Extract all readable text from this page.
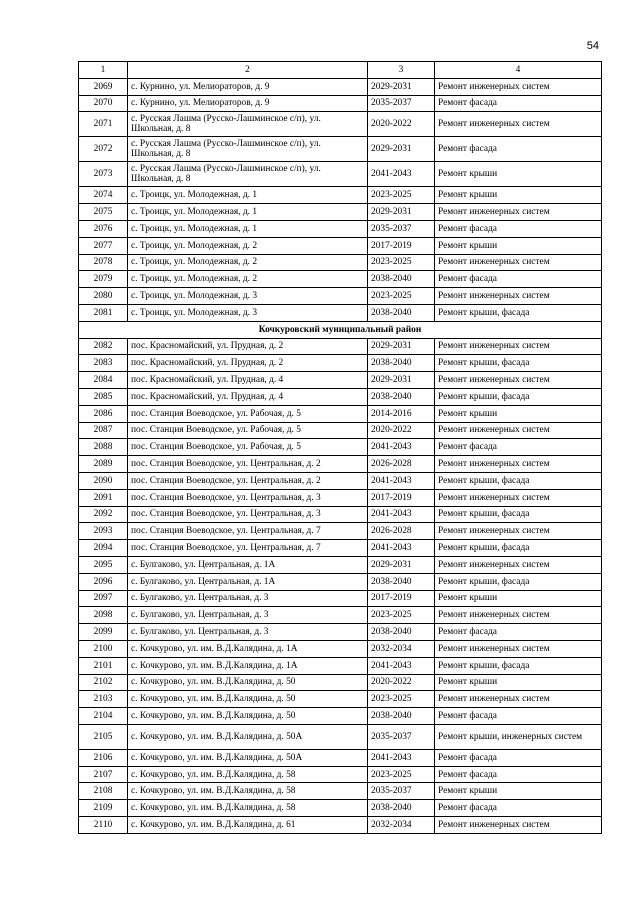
54
1	2	3	4
2069	с. Курнино, ул. Мелиораторов, д. 9	2029-2031	Ремонт инженерных систем
2070	с. Курнино, ул. Мелиораторов, д. 9	2035-2037	Ремонт фасада
2071	с. Русская Лашма (Русско-Лашминское с/п), ул. Школьная, д. 8	2020-2022	Ремонт инженерных систем
2072	с. Русская Лашма (Русско-Лашминское с/п), ул. Школьная, д. 8	2029-2031	Ремонт фасада
2073	с. Русская Лашма (Русско-Лашминское с/п), ул. Школьная, д. 8	2041-2043	Ремонт крыши
2074	с. Троицк, ул. Молодежная, д. 1	2023-2025	Ремонт крыши
2075	с. Троицк, ул. Молодежная, д. 1	2029-2031	Ремонт инженерных систем
2076	с. Троицк, ул. Молодежная, д. 1	2035-2037	Ремонт фасада
2077	с. Троицк, ул. Молодежная, д. 2	2017-2019	Ремонт крыши
2078	с. Троицк, ул. Молодежная, д. 2	2023-2025	Ремонт инженерных систем
2079	с. Троицк, ул. Молодежная, д. 2	2038-2040	Ремонт фасада
2080	с. Троицк, ул. Молодежная, д. 3	2023-2025	Ремонт инженерных систем
2081	с. Троицк, ул. Молодежная, д. 3	2038-2040	Ремонт крыши, фасада
Кочкуровский муниципальный район			
2082	пос. Красномайский, ул. Прудная, д. 2	2029-2031	Ремонт инженерных систем
2083	пос. Красномайский, ул. Прудная, д. 2	2038-2040	Ремонт крыши, фасада
2084	пос. Красномайский, ул. Прудная, д. 4	2029-2031	Ремонт инженерных систем
2085	пос. Красномайский, ул. Прудная, д. 4	2038-2040	Ремонт крыши, фасада
2086	пос. Станция Воеводское, ул. Рабочая, д. 5	2014-2016	Ремонт крыши
2087	пос. Станция Воеводское, ул. Рабочая, д. 5	2020-2022	Ремонт инженерных систем
2088	пос. Станция Воеводское, ул. Рабочая, д. 5	2041-2043	Ремонт фасада
2089	пос. Станция Воеводское, ул. Центральная, д. 2	2026-2028	Ремонт инженерных систем
2090	пос. Станция Воеводское, ул. Центральная, д. 2	2041-2043	Ремонт крыши, фасада
2091	пос. Станция Воеводское, ул. Центральная, д. 3	2017-2019	Ремонт инженерных систем
2092	пос. Станция Воеводское, ул. Центральная, д. 3	2041-2043	Ремонт крыши, фасада
2093	пос. Станция Воеводское, ул. Центральная, д. 7	2026-2028	Ремонт инженерных систем
2094	пос. Станция Воеводское, ул. Центральная, д. 7	2041-2043	Ремонт крыши, фасада
2095	с. Булгаково, ул. Центральная, д. 1А	2029-2031	Ремонт инженерных систем
2096	с. Булгаково, ул. Центральная, д. 1А	2038-2040	Ремонт крыши, фасада
2097	с. Булгаково, ул. Центральная, д. 3	2017-2019	Ремонт крыши
2098	с. Булгаково, ул. Центральная, д. 3	2023-2025	Ремонт инженерных систем
2099	с. Булгаково, ул. Центральная, д. 3	2038-2040	Ремонт фасада
2100	с. Кочкурово, ул. им. В.Д.Калядина, д. 1А	2032-2034	Ремонт инженерных систем
2101	с. Кочкурово, ул. им. В.Д.Калядина, д. 1А	2041-2043	Ремонт крыши, фасада
2102	с. Кочкурово, ул. им. В.Д.Калядина, д. 50	2020-2022	Ремонт крыши
2103	с. Кочкурово, ул. им. В.Д.Калядина, д. 50	2023-2025	Ремонт инженерных систем
2104	с. Кочкурово, ул. им. В.Д.Калядина, д. 50	2038-2040	Ремонт фасада
2105	с. Кочкурово, ул. им. В.Д.Калядина, д. 50А	2035-2037	Ремонт крыши, инженерных систем
2106	с. Кочкурово, ул. им. В.Д.Калядина, д. 50А	2041-2043	Ремонт фасада
2107	с. Кочкурово, ул. им. В.Д.Калядина, д. 58	2023-2025	Ремонт фасада
2108	с. Кочкурово, ул. им. В.Д.Калядина, д. 58	2035-2037	Ремонт крыши
2109	с. Кочкурово, ул. им. В.Д.Калядина, д. 58	2038-2040	Ремонт фасада
2110	с. Кочкурово, ул. им. В.Д.Калядина, д. 61	2032-2034	Ремонт инженерных систем
